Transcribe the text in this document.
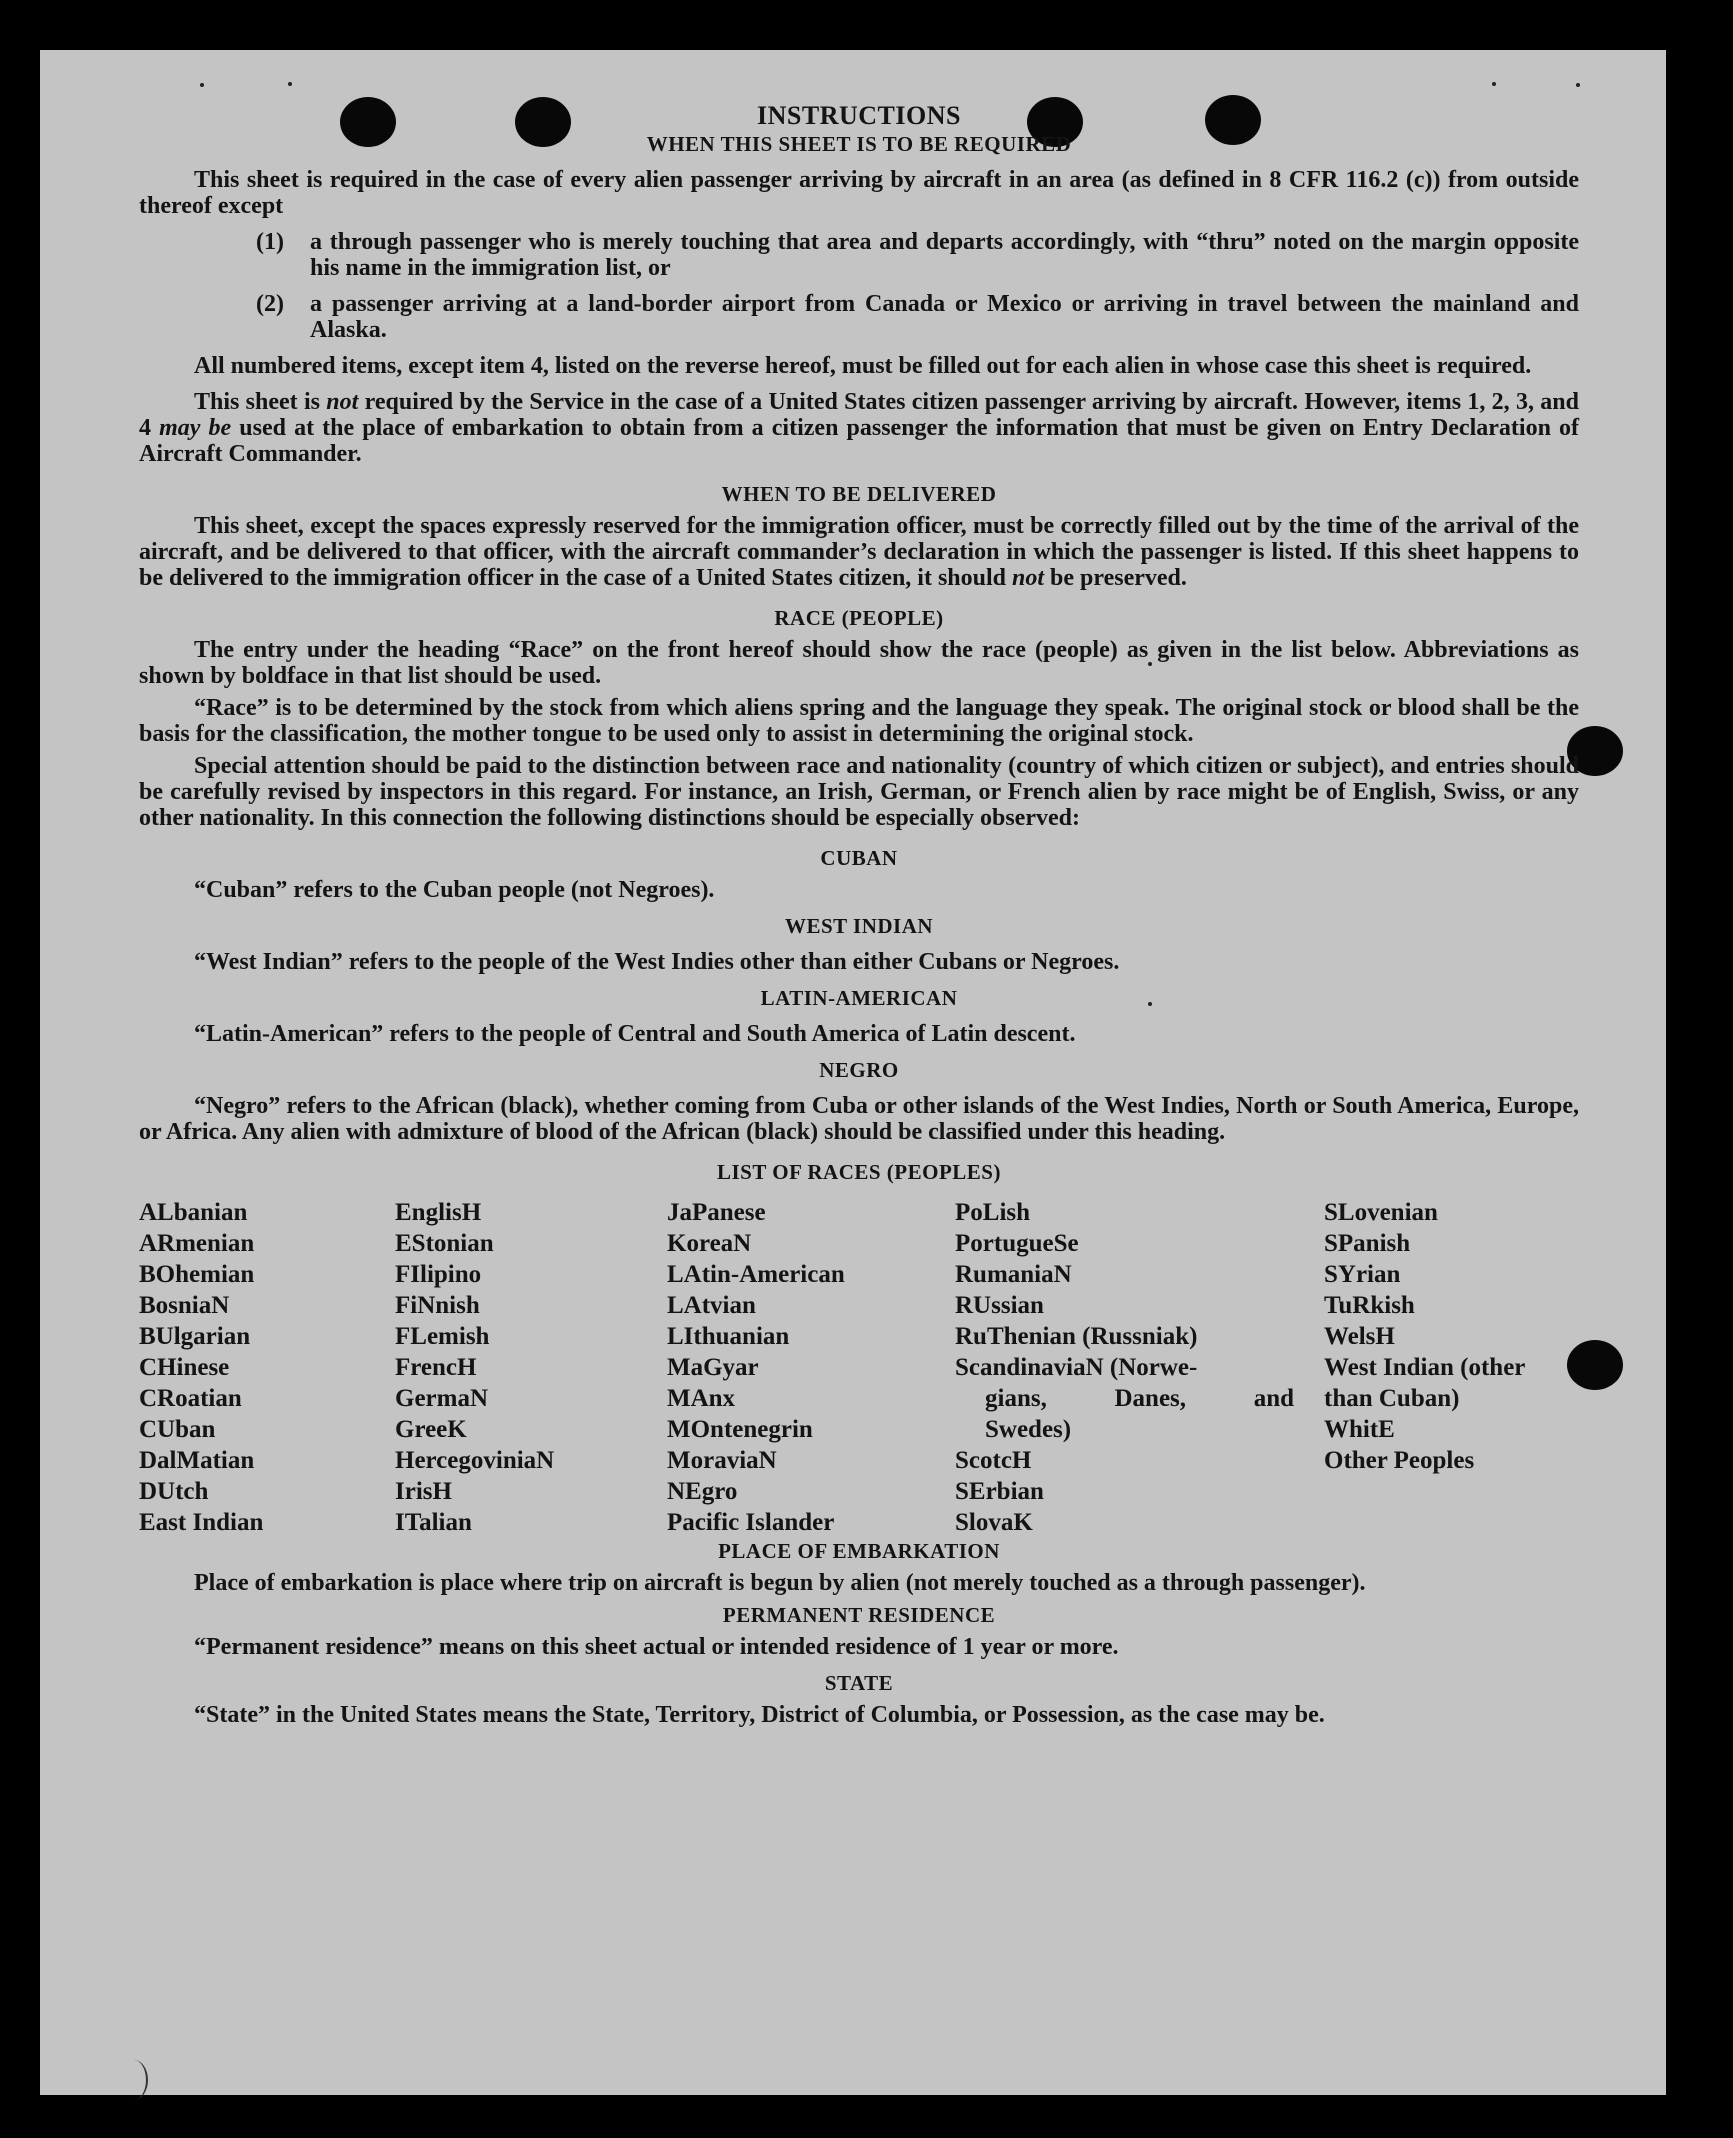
INSTRUCTIONS
WHEN THIS SHEET IS TO BE REQUIRED

This sheet is required in the case of every alien passenger arriving by aircraft in an area (as defined in 8 CFR 116.2 (c)) from outside thereof except

(1)	a through passenger who is merely touching that area and departs accordingly, with “thru” noted on the margin opposite his name in the immigration list, or

(2)	a passenger arriving at a land-border airport from Canada or Mexico or arriving in travel between the mainland and Alaska.

All numbered items, except item 4, listed on the reverse hereof, must be filled out for each alien in whose case this sheet is required.

This sheet is not required by the Service in the case of a United States citizen passenger arriving by aircraft. However, items 1, 2, 3, and 4 may be used at the place of embarkation to obtain from a citizen passenger the information that must be given on Entry Declaration of Aircraft Commander.

WHEN TO BE DELIVERED

This sheet, except the spaces expressly reserved for the immigration officer, must be correctly filled out by the time of the arrival of the aircraft, and be delivered to that officer, with the aircraft commander’s declaration in which the passenger is listed. If this sheet happens to be delivered to the immigration officer in the case of a United States citizen, it should not be preserved.

RACE (PEOPLE)

The entry under the heading “Race” on the front hereof should show the race (people) as given in the list below. Abbreviations as shown by boldface in that list should be used.

“Race” is to be determined by the stock from which aliens spring and the language they speak. The original stock or blood shall be the basis for the classification, the mother tongue to be used only to assist in determining the original stock.

Special attention should be paid to the distinction between race and nationality (country of which citizen or subject), and entries should be carefully revised by inspectors in this regard. For instance, an Irish, German, or French alien by race might be of English, Swiss, or any other nationality. In this connection the following distinctions should be especially observed:

CUBAN

“Cuban” refers to the Cuban people (not Negroes).

WEST INDIAN

“West Indian” refers to the people of the West Indies other than either Cubans or Negroes.

LATIN-AMERICAN

“Latin-American” refers to the people of Central and South America of Latin descent.

NEGRO

“Negro” refers to the African (black), whether coming from Cuba or other islands of the West Indies, North or South America, Europe, or Africa. Any alien with admixture of blood of the African (black) should be classified under this heading.

LIST OF RACES (PEOPLES)
ALbanian
ARmenian
BOhemian
BosniaN
BUlgarian
CHinese
CRoatian
CUban
DalMatian
DUtch
East Indian
EnglisH
EStonian
FIlipino
FiNnish
FLemish
FrencH
GermaN
GreeK
HercegoviniaN
IrisH
ITalian
JaPanese
KoreaN
LAtin-American
LAtvian
LIthuanian
MaGyar
MAnx
MOntenegrin
MoraviaN
NEgro
Pacific Islander
PoLish
PortugueSe
RumaniaN
RUssian
RuThenian (Russniak)
ScandinaviaN (Norwe-
gians, Danes, and
Swedes)
ScotcH
SErbian
SlovaK
SLovenian
SPanish
SYrian
TuRkish
WelsH
West Indian (other
than Cuban)
WhitE
Other Peoples
PLACE OF EMBARKATION

Place of embarkation is place where trip on aircraft is begun by alien (not merely touched as a through passenger).

PERMANENT RESIDENCE

“Permanent residence” means on this sheet actual or intended residence of 1 year or more.

STATE

“State” in the United States means the State, Territory, District of Columbia, or Possession, as the case may be.
